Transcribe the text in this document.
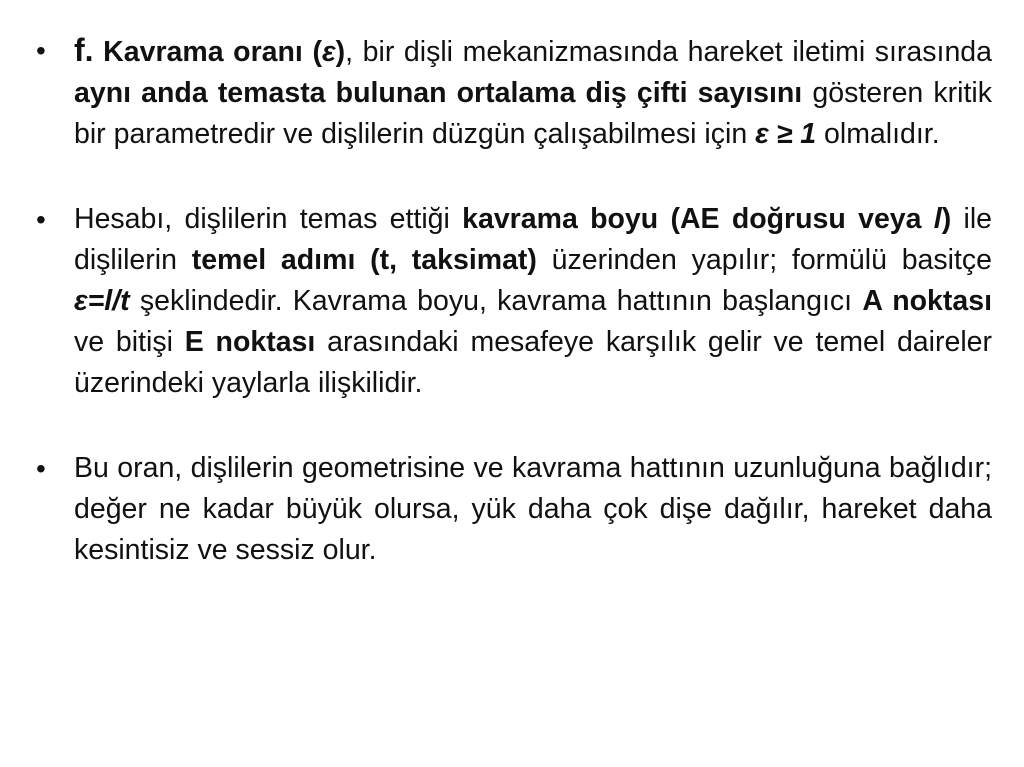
• f. Kavrama oranı (ε), bir dişli mekanizmasında hareket iletimi sırasında aynı anda temasta bulunan ortalama diş çifti sayısını gösteren kritik bir parametredir ve dişlilerin düzgün çalışabilmesi için ε ≥ 1 olmalıdır.
• Hesabı, dişlilerin temas ettiği kavrama boyu (AE doğrusu veya l) ile dişlilerin temel adımı (t, taksimat) üzerinden yapılır; formülü basitçe ε=l/t şeklindedir. Kavrama boyu, kavrama hattının başlangıcı A noktası ve bitişi E noktası arasındaki mesafeye karşılık gelir ve temel daireler üzerindeki yaylarla ilişkilidir.
• Bu oran, dişlilerin geometrisine ve kavrama hattının uzunluğuna bağlıdır; değer ne kadar büyük olursa, yük daha çok dişe dağılır, hareket daha kesintisiz ve sessiz olur.
